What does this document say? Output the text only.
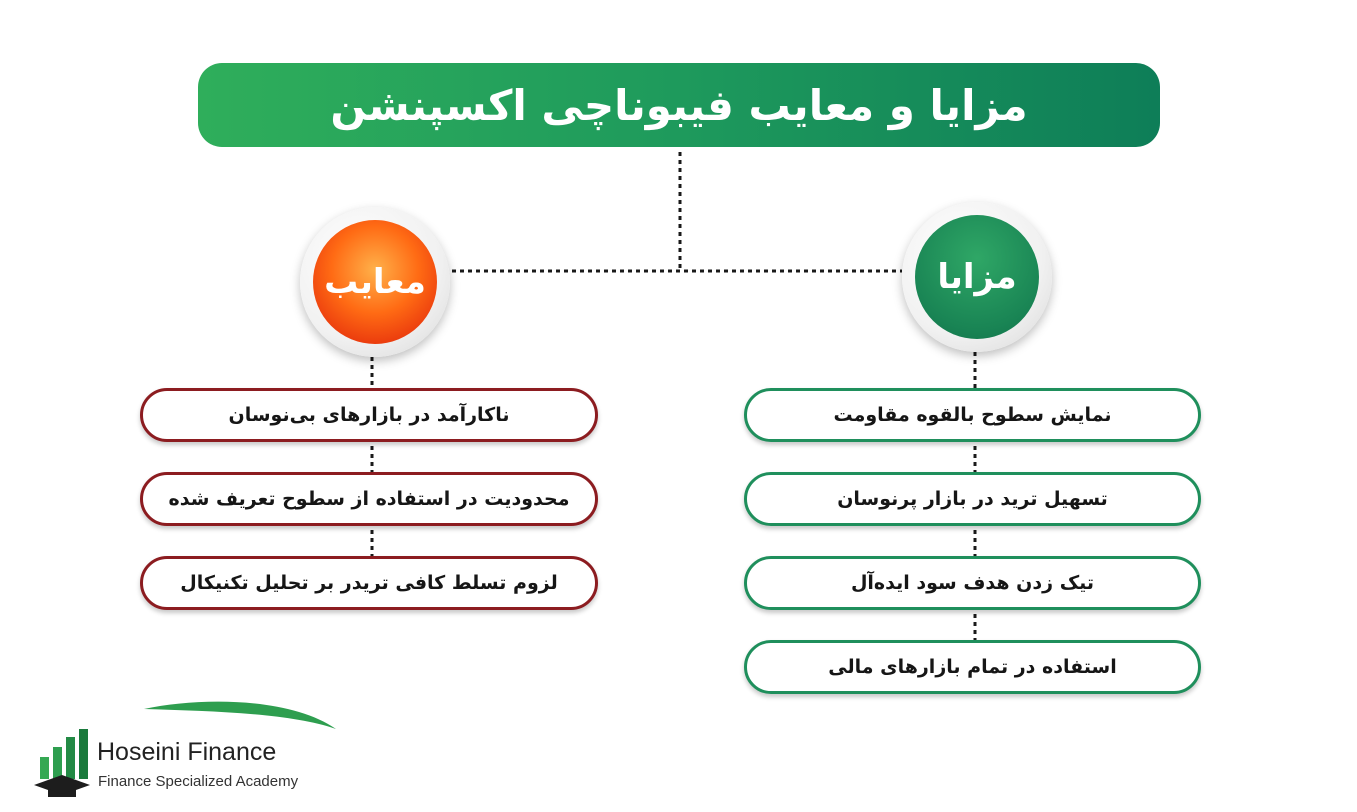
مزایا و معایب فیبوناچی اکسپنشن
مزایا
معایب
نمایش سطوح بالقوه مقاومت
تسهیل ترید در بازار پرنوسان
تیک زدن هدف سود ایده‌آل
استفاده در تمام بازارهای مالی
ناکارآمد در بازارهای بی‌نوسان
محدودیت در استفاده از سطوح تعریف شده
لزوم تسلط کافی تریدر بر تحلیل تکنیکال
Hoseini Finance
Finance Specialized Academy
